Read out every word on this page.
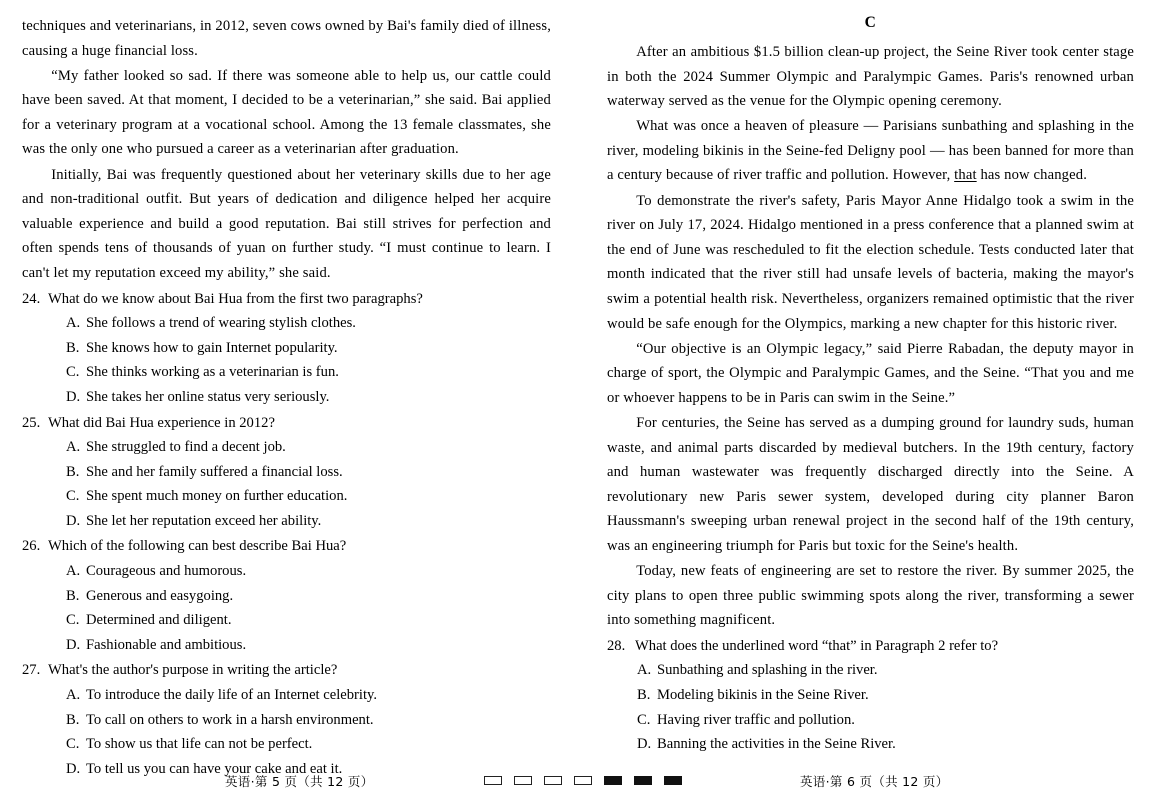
techniques and veterinarians, in 2012, seven cows owned by Bai's family died of illness, causing a huge financial loss.

“My father looked so sad. If there was someone able to help us, our cattle could have been saved. At that moment, I decided to be a veterinarian,” she said. Bai applied for a veterinary program at a vocational school. Among the 13 female classmates, she was the only one who pursued a career as a veterinarian after graduation.

Initially, Bai was frequently questioned about her veterinary skills due to her age and non-traditional outfit. But years of dedication and diligence helped her acquire valuable experience and build a good reputation. Bai still strives for perfection and often spends tens of thousands of yuan on further study. “I must continue to learn. I can't let my reputation exceed my ability,” she said.

24. What do we know about Bai Hua from the first two paragraphs?
A. She follows a trend of wearing stylish clothes.
B. She knows how to gain Internet popularity.
C. She thinks working as a veterinarian is fun.
D. She takes her online status very seriously.
25. What did Bai Hua experience in 2012?
A. She struggled to find a decent job.
B. She and her family suffered a financial loss.
C. She spent much money on further education.
D. She let her reputation exceed her ability.
26. Which of the following can best describe Bai Hua?
A. Courageous and humorous.
B. Generous and easygoing.
C. Determined and diligent.
D. Fashionable and ambitious.
27. What's the author's purpose in writing the article?
A. To introduce the daily life of an Internet celebrity.
B. To call on others to work in a harsh environment.
C. To show us that life can not be perfect.
D. To tell us you can have your cake and eat it.
C

After an ambitious $1.5 billion clean-up project, the Seine River took center stage in both the 2024 Summer Olympic and Paralympic Games. Paris's renowned urban waterway served as the venue for the Olympic opening ceremony.

What was once a heaven of pleasure — Parisians sunbathing and splashing in the river, modeling bikinis in the Seine-fed Deligny pool — has been banned for more than a century because of river traffic and pollution. However, that has now changed.

To demonstrate the river's safety, Paris Mayor Anne Hidalgo took a swim in the river on July 17, 2024. Hidalgo mentioned in a press conference that a planned swim at the end of June was rescheduled to fit the election schedule. Tests conducted later that month indicated that the river still had unsafe levels of bacteria, making the mayor's swim a potential health risk. Nevertheless, organizers remained optimistic that the river would be safe enough for the Olympics, marking a new chapter for this historic river.

“Our objective is an Olympic legacy,” said Pierre Rabadan, the deputy mayor in charge of sport, the Olympic and Paralympic Games, and the Seine. “That you and me or whoever happens to be in Paris can swim in the Seine.”

For centuries, the Seine has served as a dumping ground for laundry suds, human waste, and animal parts discarded by medieval butchers. In the 19th century, factory and human wastewater was frequently discharged directly into the Seine. A revolutionary new Paris sewer system, developed during city planner Baron Haussmann's sweeping urban renewal project in the second half of the 19th century, was an engineering triumph for Paris but toxic for the Seine's health.

Today, new feats of engineering are set to restore the river. By summer 2025, the city plans to open three public swimming spots along the river, transforming a sewer into something magnificent.

28. What does the underlined word “that” in Paragraph 2 refer to?
A. Sunbathing and splashing in the river.
B. Modeling bikinis in the Seine River.
C. Having river traffic and pollution.
D. Banning the activities in the Seine River.
英语·第 5 页（共 12 页）	英语·第 6 页（共 12 页）
